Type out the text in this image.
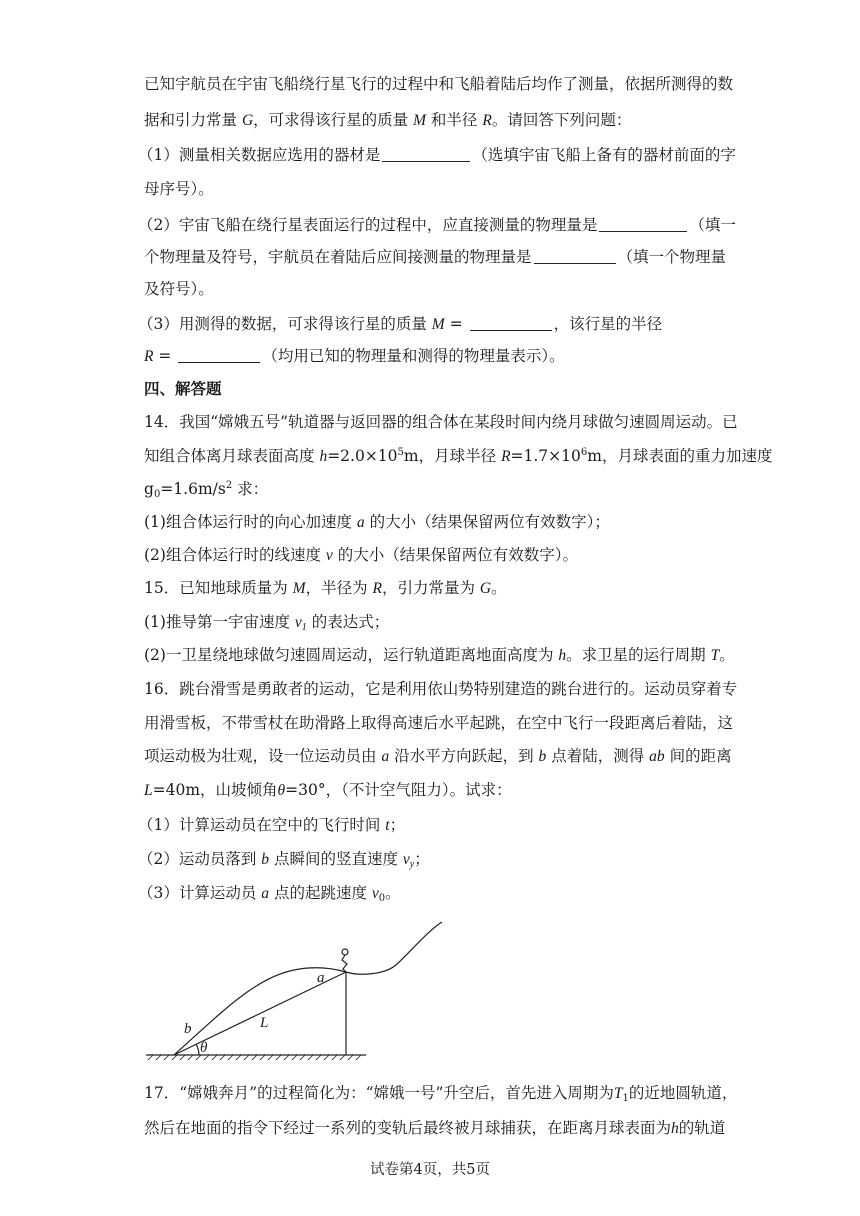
已知宇航员在宇宙飞船绕行星飞行的过程中和飞船着陆后均作了测量，依据所测得的数
据和引力常量 G，可求得该行星的质量 M 和半径 R。请回答下列问题：
（1）测量相关数据应选用的器材是	（选填宇宙飞船上备有的器材前面的字
母序号）。
（2）宇宙飞船在绕行星表面运行的过程中，应直接测量的物理量是	（填一
个物理量及符号，宇航员在着陆后应间接测量的物理量是	（填一个物理量
及符号）。
（3）用测得的数据，可求得该行星的质量 M =	，该行星的半径
R =	（均用已知的物理量和测得的物理量表示）。
四、解答题
14．我国“嫦娥五号”轨道器与返回器的组合体在某段时间内绕月球做匀速圆周运动。已
知组合体离月球表面高度 $h=2.0\times 10^5m$，月球半径 $R=1.7\times 10^6m$，月球表面的重力加速度
$g_0=1.6m/s^2$ 求：
(1)组合体运行时的向心加速度 a 的大小（结果保留两位有效数字）；
(2)组合体运行时的线速度 v 的大小（结果保留两位有效数字）。
15．已知地球质量为 M，半径为 R，引力常量为 G。
(1)推导第一宇宙速度 $v_1$ 的表达式；
(2)一卫星绕地球做匀速圆周运动，运行轨道距离地面高度为 h。求卫星的运行周期 T。
16．跳台滑雪是勇敢者的运动，它是利用依山势特别建造的跳台进行的。运动员穿着专
用滑雪板，不带雪杖在助滑路上取得高速后水平起跳，在空中飞行一段距离后着陆，这
项运动极为壮观，设一位运动员由 a 沿水平方向跃起，到 b 点着陆，测得 ab 间的距离
L=40m，山坡倾角θ=30°，（不计空气阻力）。试求：
（1）计算运动员在空中的飞行时间 t；
（2）运动员落到 b 点瞬间的竖直速度 $v_y$；
（3）计算运动员 a 点的起跳速度 $v_0$。
a
b	L
θ
17．“嫦娥奔月”的过程简化为：“嫦娥一号”升空后，首先进入周期为$T_1$的近地圆轨道，
然后在地面的指令下经过一系列的变轨后最终被月球捕获，在距离月球表面为h的轨道
试卷第4页，共5页
